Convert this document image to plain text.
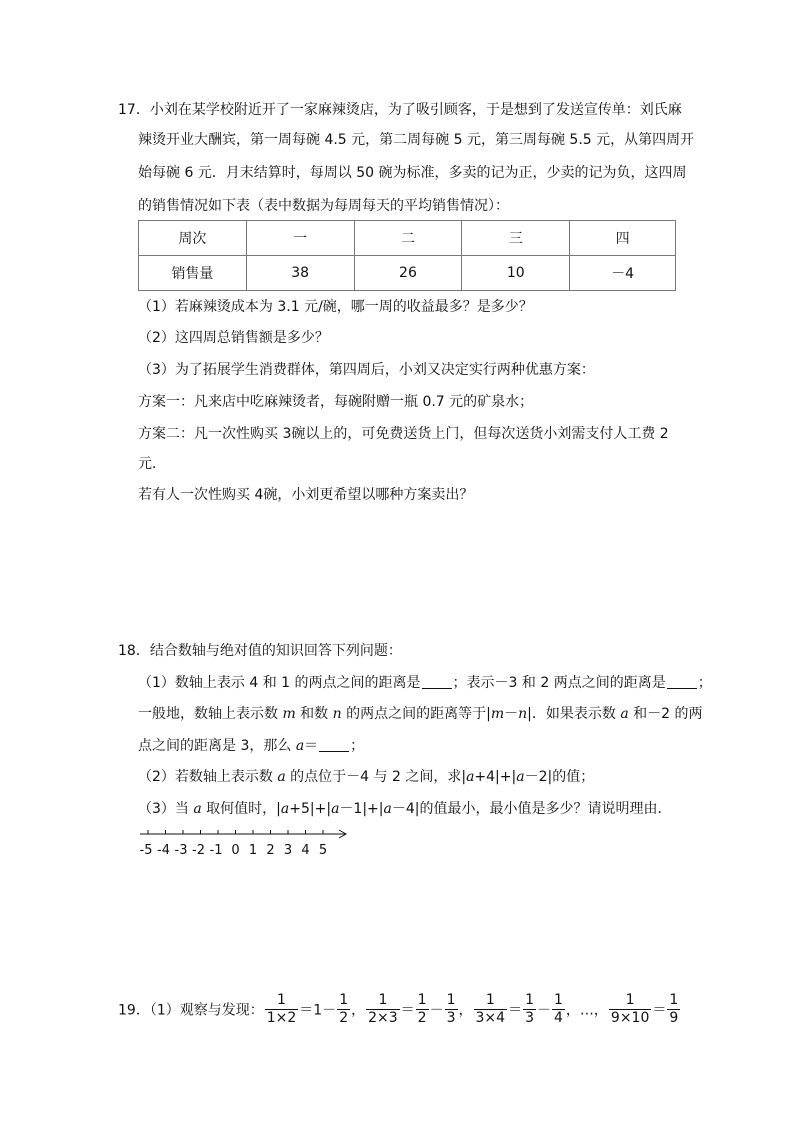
17．小刘在某学校附近开了一家麻辣烫店，为了吸引顾客，于是想到了发送宣传单：刘氏麻
辣烫开业大酬宾，第一周每碗 4.5 元，第二周每碗 5 元，第三周每碗 5.5 元，从第四周开
始每碗 6 元．月末结算时，每周以 50 碗为标准，多卖的记为正，少卖的记为负，这四周
的销售情况如下表（表中数据为每周每天的平均销售情况）：
周次	一	二	三	四
销售量	38	26	10	－4
（1）若麻辣烫成本为 3.1 元/碗，哪一周的收益最多？是多少？
（2）这四周总销售额是多少？
（3）为了拓展学生消费群体，第四周后，小刘又决定实行两种优惠方案：
方案一：凡来店中吃麻辣烫者，每碗附赠一瓶 0.7 元的矿泉水；
方案二：凡一次性购买 3碗以上的，可免费送货上门，但每次送货小刘需支付人工费 2
元．
若有人一次性购买 4碗，小刘更希望以哪种方案卖出？
18．结合数轴与绝对值的知识回答下列问题：
（1）数轴上表示 4 和 1 的两点之间的距离是 ；表示－3 和 2 两点之间的距离是 ；
一般地，数轴上表示数 m 和数 n 的两点之间的距离等于|m－n|．如果表示数 a 和－2 的两
点之间的距离是 3，那么 a＝ ；
（2）若数轴上表示数 a 的点位于－4 与 2 之间，求|a+4|+|a－2|的值；
（3）当 a 取何值时，|a+5|+|a－1|+|a－4|的值最小，最小值是多少？请说明理由．
-5 -4 -3 -2 -1 0 1 2 3 4 5
19．（1）观察与发现： $\frac{1}{1\times 2} =1- \frac{1}{2}$ ， $\frac{1}{2\times 3} = \frac{1}{2} - \frac{1}{3}$ ， $\frac{1}{3\times 4} = \frac{1}{3} - \frac{1}{4}$ ，…， $\frac{1}{9\times 10} = \frac{1}{9}$
